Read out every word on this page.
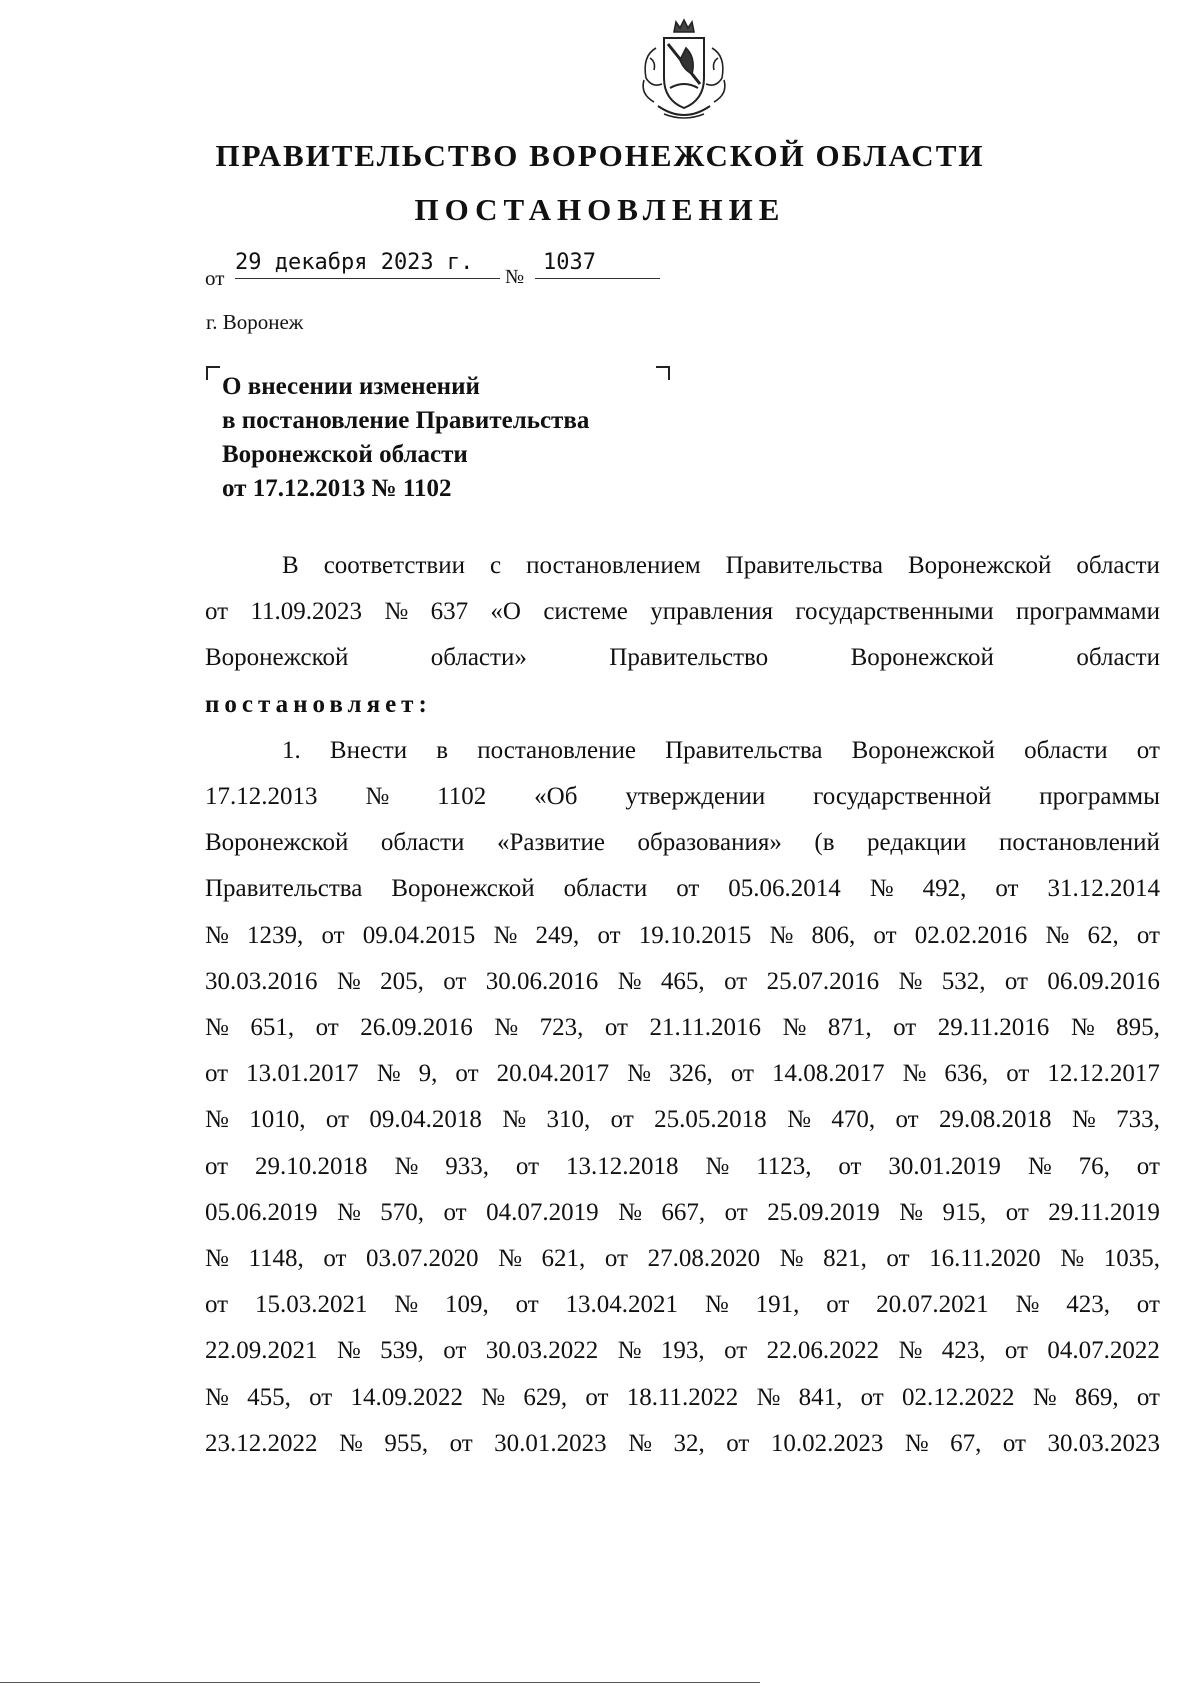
ПРАВИТЕЛЬСТВО ВОРОНЕЖСКОЙ ОБЛАСТИ
ПОСТАНОВЛЕНИЕ
от
29 декабря 2023 г.
№
1037
г. Воронеж
О внесении изменений
в постановление Правительства
Воронежской области
от 17.12.2013 № 1102
В соответствии с постановлением Правительства Воронежской области
от 11.09.2023 № 637 «О системе управления государственными программами
Воронежской	области»	Правительство	Воронежской	области
постановляет:
1. Внести в постановление Правительства Воронежской области от
17.12.2013 № 1102 «Об утверждении государственной программы
Воронежской области «Развитие образования» (в редакции постановлений
Правительства Воронежской области от 05.06.2014 № 492, от 31.12.2014
№ 1239, от 09.04.2015 № 249, от 19.10.2015 № 806, от 02.02.2016 № 62, от
30.03.2016 № 205, от 30.06.2016 № 465, от 25.07.2016 № 532, от 06.09.2016
№ 651, от 26.09.2016 № 723, от 21.11.2016 № 871, от 29.11.2016 № 895,
от 13.01.2017 № 9, от 20.04.2017 № 326, от 14.08.2017 № 636, от 12.12.2017
№ 1010, от 09.04.2018 № 310, от 25.05.2018 № 470, от 29.08.2018 № 733,
от 29.10.2018 № 933, от 13.12.2018 № 1123, от 30.01.2019 № 76, от
05.06.2019 № 570, от 04.07.2019 № 667, от 25.09.2019 № 915, от 29.11.2019
№ 1148, от 03.07.2020 № 621, от 27.08.2020 № 821, от 16.11.2020 № 1035,
от 15.03.2021 № 109, от 13.04.2021 № 191, от 20.07.2021 № 423, от
22.09.2021 № 539, от 30.03.2022 № 193, от 22.06.2022 № 423, от 04.07.2022
№ 455, от 14.09.2022 № 629, от 18.11.2022 № 841, от 02.12.2022 № 869, от
23.12.2022 № 955, от 30.01.2023 № 32, от 10.02.2023 № 67, от 30.03.2023
